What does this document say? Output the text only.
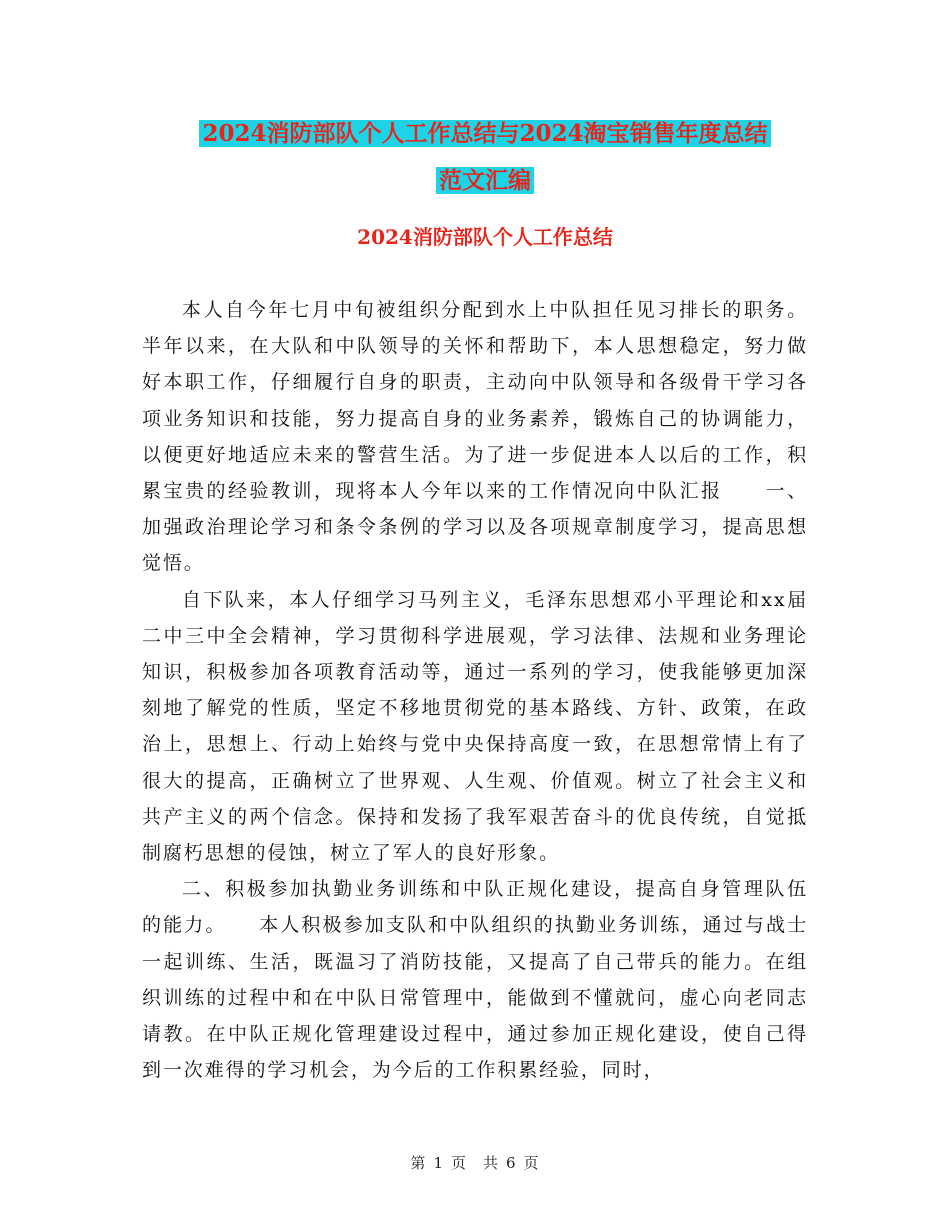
2024消防部队个人工作总结与2024淘宝销售年度总结
范文汇编
2024消防部队个人工作总结

本人自今年七月中旬被组织分配到水上中队担任见习排长的职务。半年以来，在大队和中队领导的关怀和帮助下，本人思想稳定，努力做好本职工作，仔细履行自身的职责，主动向中队领导和各级骨干学习各项业务知识和技能，努力提高自身的业务素养，锻炼自己的协调能力，以便更好地适应未来的警营生活。为了进一步促进本人以后的工作，积累宝贵的经验教训，现将本人今年以来的工作情况向中队汇报　　一、加强政治理论学习和条令条例的学习以及各项规章制度学习，提高思想觉悟。

自下队来，本人仔细学习马列主义，毛泽东思想邓小平理论和xx届二中三中全会精神，学习贯彻科学进展观，学习法律、法规和业务理论知识，积极参加各项教育活动等，通过一系列的学习，使我能够更加深刻地了解党的性质，坚定不移地贯彻党的基本路线、方针、政策，在政治上，思想上、行动上始终与党中央保持高度一致，在思想常情上有了很大的提高，正确树立了世界观、人生观、价值观。树立了社会主义和共产主义的两个信念。保持和发扬了我军艰苦奋斗的优良传统，自觉抵制腐朽思想的侵蚀，树立了军人的良好形象。

二、积极参加执勤业务训练和中队正规化建设，提高自身管理队伍的能力。　　本人积极参加支队和中队组织的执勤业务训练，通过与战士一起训练、生活，既温习了消防技能，又提高了自己带兵的能力。在组织训练的过程中和在中队日常管理中，能做到不懂就问，虚心向老同志请教。在中队正规化管理建设过程中，通过参加正规化建设，使自己得到一次难得的学习机会，为今后的工作积累经验，同时，

第 1 页　共 6 页
